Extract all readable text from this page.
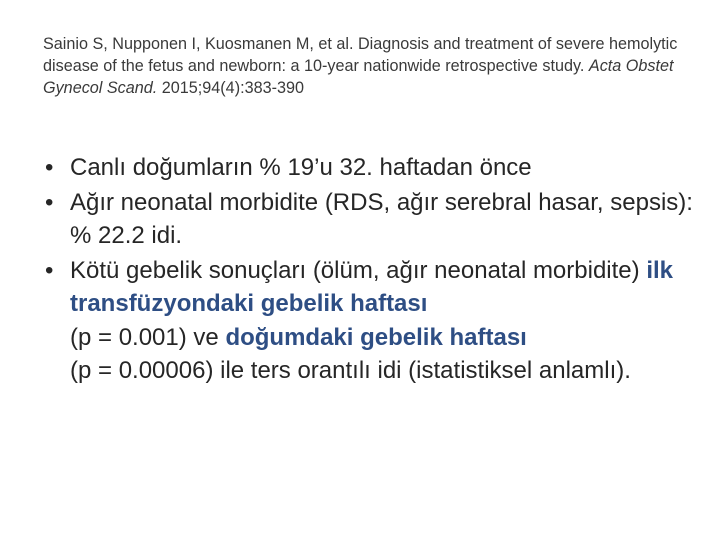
Sainio S, Nupponen I, Kuosmanen M, et al. Diagnosis and treatment of severe hemolytic disease of the fetus and newborn: a 10-year nationwide retrospective study. Acta Obstet Gynecol Scand. 2015;94(4):383-390
• Canlı doğumların % 19’u 32. haftadan önce
• Ağır neonatal morbidite (RDS, ağır serebral hasar, sepsis): % 22.2 idi.
• Kötü gebelik sonuçları (ölüm, ağır neonatal morbidite) ilk transfüzyondaki gebelik haftası
(p = 0.001) ve doğumdaki gebelik haftası
(p = 0.00006) ile ters orantılı idi (istatistiksel anlamlı).
